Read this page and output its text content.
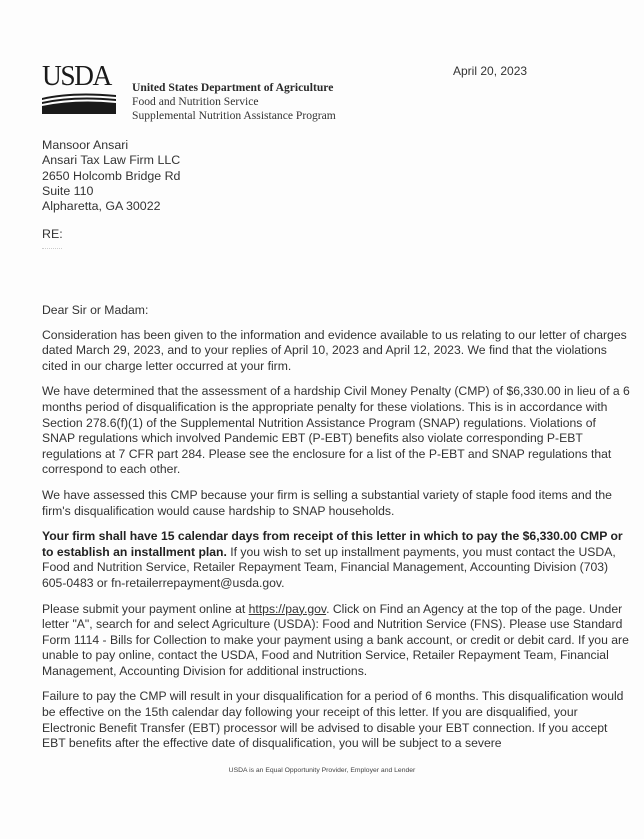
USDA United States Department of Agriculture
Food and Nutrition Service
Supplemental Nutrition Assistance Program
April 20, 2023
Mansoor Ansari
Ansari Tax Law Firm LLC
2650 Holcomb Bridge Rd
Suite 110
Alpharetta, GA 30022
RE:

Dear Sir or Madam:

Consideration has been given to the information and evidence available to us relating to our letter of charges dated March 29, 2023, and to your replies of April 10, 2023 and April 12, 2023. We find that the violations cited in our charge letter occurred at your firm.

We have determined that the assessment of a hardship Civil Money Penalty (CMP) of $6,330.00 in lieu of a 6 months period of disqualification is the appropriate penalty for these violations. This is in accordance with Section 278.6(f)(1) of the Supplemental Nutrition Assistance Program (SNAP) regulations. Violations of SNAP regulations which involved Pandemic EBT (P-EBT) benefits also violate corresponding P-EBT regulations at 7 CFR part 284. Please see the enclosure for a list of the P-EBT and SNAP regulations that correspond to each other.

We have assessed this CMP because your firm is selling a substantial variety of staple food items and the firm's disqualification would cause hardship to SNAP households.

Your firm shall have 15 calendar days from receipt of this letter in which to pay the $6,330.00 CMP or to establish an installment plan. If you wish to set up installment payments, you must contact the USDA, Food and Nutrition Service, Retailer Repayment Team, Financial Management, Accounting Division (703) 605-0483 or fn-retailerrepayment@usda.gov.

Please submit your payment online at https://pay.gov. Click on Find an Agency at the top of the page. Under letter "A", search for and select Agriculture (USDA): Food and Nutrition Service (FNS). Please use Standard Form 1114 - Bills for Collection to make your payment using a bank account, or credit or debit card. If you are unable to pay online, contact the USDA, Food and Nutrition Service, Retailer Repayment Team, Financial Management, Accounting Division for additional instructions.

Failure to pay the CMP will result in your disqualification for a period of 6 months. This disqualification would be effective on the 15th calendar day following your receipt of this letter. If you are disqualified, your Electronic Benefit Transfer (EBT) processor will be advised to disable your EBT connection. If you accept EBT benefits after the effective date of disqualification, you will be subject to a severe

USDA is an Equal Opportunity Provider, Employer and Lender
